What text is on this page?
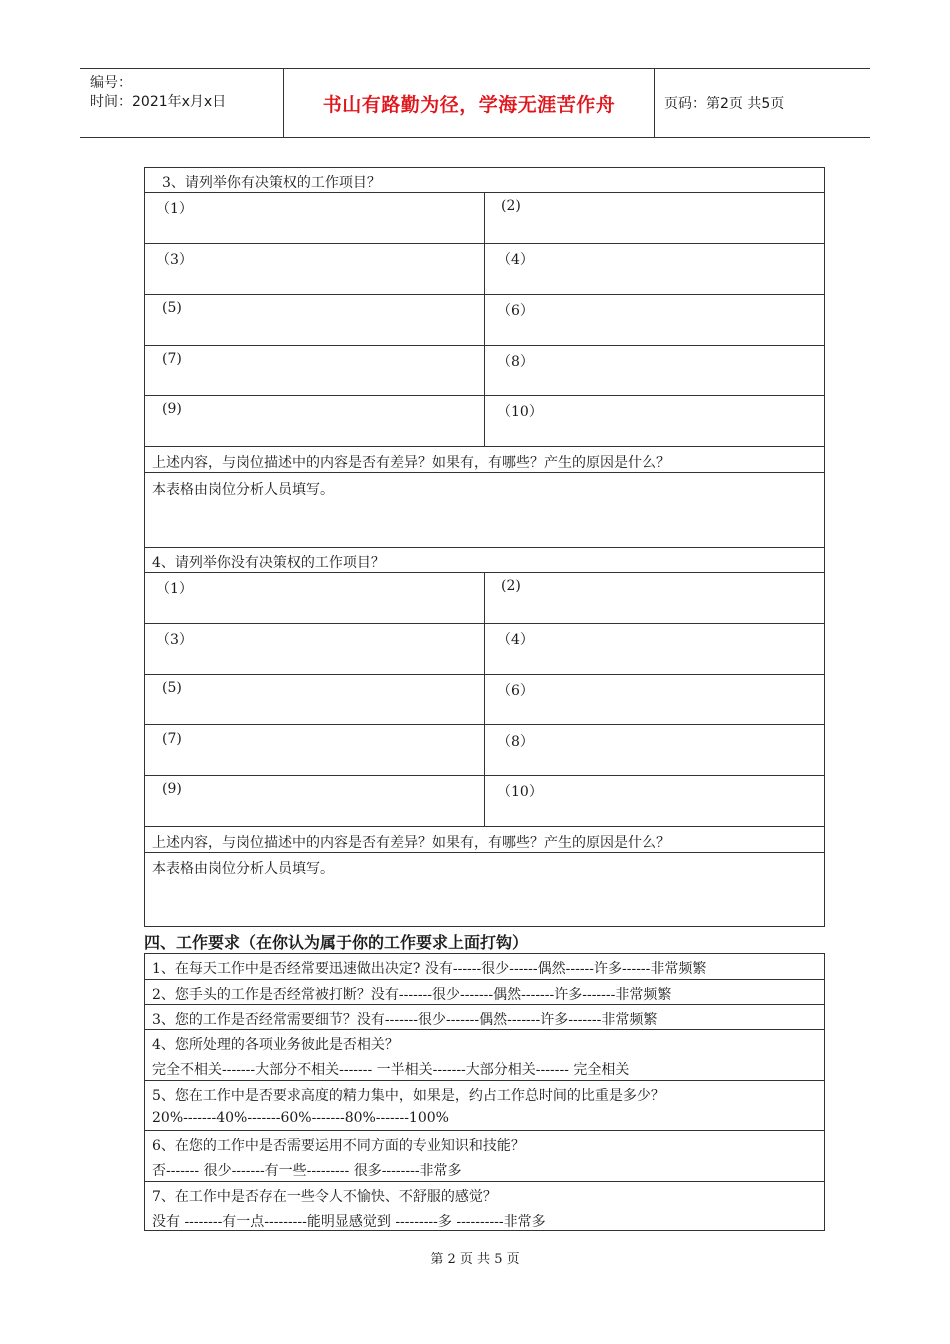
编号：
时间：2021年x月x日	书山有路勤为径，学海无涯苦作舟	页码：第2页 共5页
3、请列举你有决策权的工作项目？
（1）	(2)
（3）	（4）
(5)	（6）
(7)	（8）
(9)	（10）
上述内容，与岗位描述中的内容是否有差异？如果有，有哪些？产生的原因是什么？
本表格由岗位分析人员填写。
4、请列举你没有决策权的工作项目？
（1）	(2)
（3）	（4）
(5)	（6）
(7)	（8）
(9)	（10）
上述内容，与岗位描述中的内容是否有差异？如果有，有哪些？产生的原因是什么？
本表格由岗位分析人员填写。
四、工作要求（在你认为属于你的工作要求上面打钩）
1、在每天工作中是否经常要迅速做出决定? 没有------很少------偶然------许多------非常频繁
2、您手头的工作是否经常被打断？没有-------很少-------偶然-------许多-------非常频繁
3、您的工作是否经常需要细节？没有-------很少-------偶然-------许多-------非常频繁
4、您所处理的各项业务彼此是否相关？
完全不相关-------大部分不相关------- 一半相关-------大部分相关------- 完全相关
5、您在工作中是否要求高度的精力集中，如果是，约占工作总时间的比重是多少？
20%-------40%-------60%-------80%-------100%
6、在您的工作中是否需要运用不同方面的专业知识和技能？
否------- 很少-------有一些--------- 很多--------非常多
7、在工作中是否存在一些令人不愉快、不舒服的感觉？
没有 --------有一点---------能明显感觉到 ---------多 ----------非常多
第 2 页 共 5 页
